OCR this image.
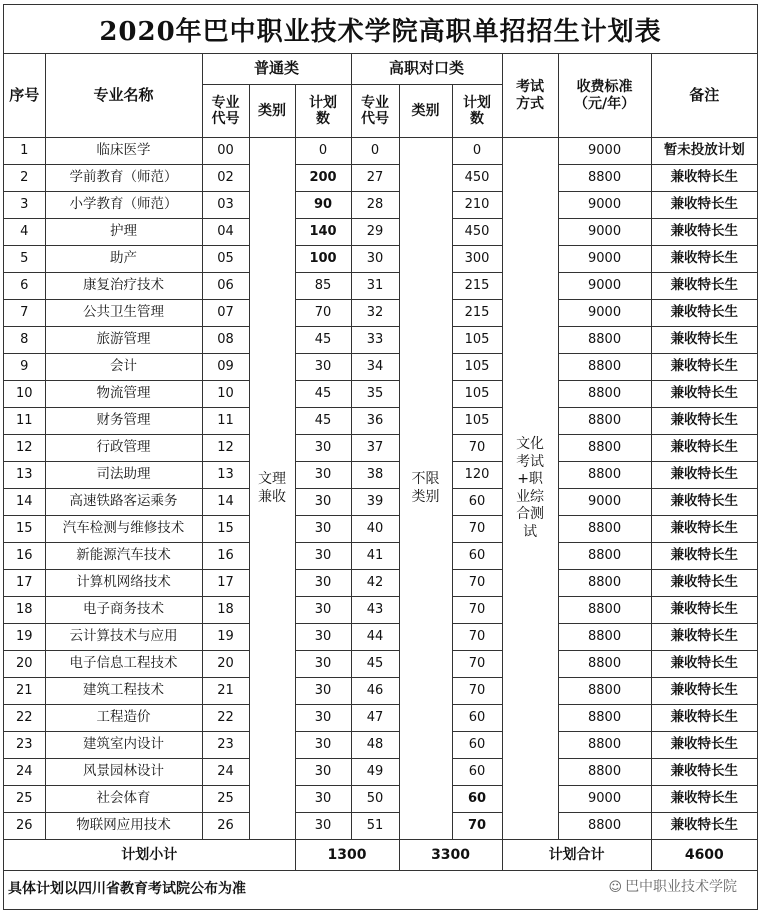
2020年巴中职业技术学院高职单招招生计划表
序号	专业名称	普通类			高职对口类			考试方式	收费标准（元/年）	备注

		专业代号	类别	计划数	专业代号	类别	计划数			

1	临床医学	00	文理兼收	0	0	不限类别	0	文化考试+职业综合测试	9000	暂未投放计划
2	学前教育（师范）	02		200	27		450		8800	兼收特长生
3	小学教育（师范）	03		90	28		210		9000	兼收特长生
4	护理	04		140	29		450		9000	兼收特长生
5	助产	05		100	30		300		9000	兼收特长生
6	康复治疗技术	06		85	31		215		9000	兼收特长生
7	公共卫生管理	07		70	32		215		9000	兼收特长生
8	旅游管理	08		45	33		105		8800	兼收特长生
9	会计	09		30	34		105		8800	兼收特长生
10	物流管理	10		45	35		105		8800	兼收特长生
11	财务管理	11		45	36		105		8800	兼收特长生
12	行政管理	12		30	37		70		8800	兼收特长生
13	司法助理	13		30	38		120		8800	兼收特长生
14	高速铁路客运乘务	14		30	39		60		9000	兼收特长生
15	汽车检测与维修技术	15		30	40		70		8800	兼收特长生
16	新能源汽车技术	16		30	41		60		8800	兼收特长生
17	计算机网络技术	17		30	42		70		8800	兼收特长生
18	电子商务技术	18		30	43		70		8800	兼收特长生
19	云计算技术与应用	19		30	44		70		8800	兼收特长生
20	电子信息工程技术	20		30	45		70		8800	兼收特长生
21	建筑工程技术	21		30	46		70		8800	兼收特长生
22	工程造价	22		30	47		60		8800	兼收特长生
23	建筑室内设计	23		30	48		60		8800	兼收特长生
24	风景园林设计	24		30	49		60		8800	兼收特长生
25	社会体育	25		30	50		60		9000	兼收特长生
26	物联网应用技术	26		30	51		70		8800	兼收特长生
计划小计				1300		3300		计划合计		4600
具体计划以四川省教育考试院公布为准 ☺ 巴中职业技术学院										
